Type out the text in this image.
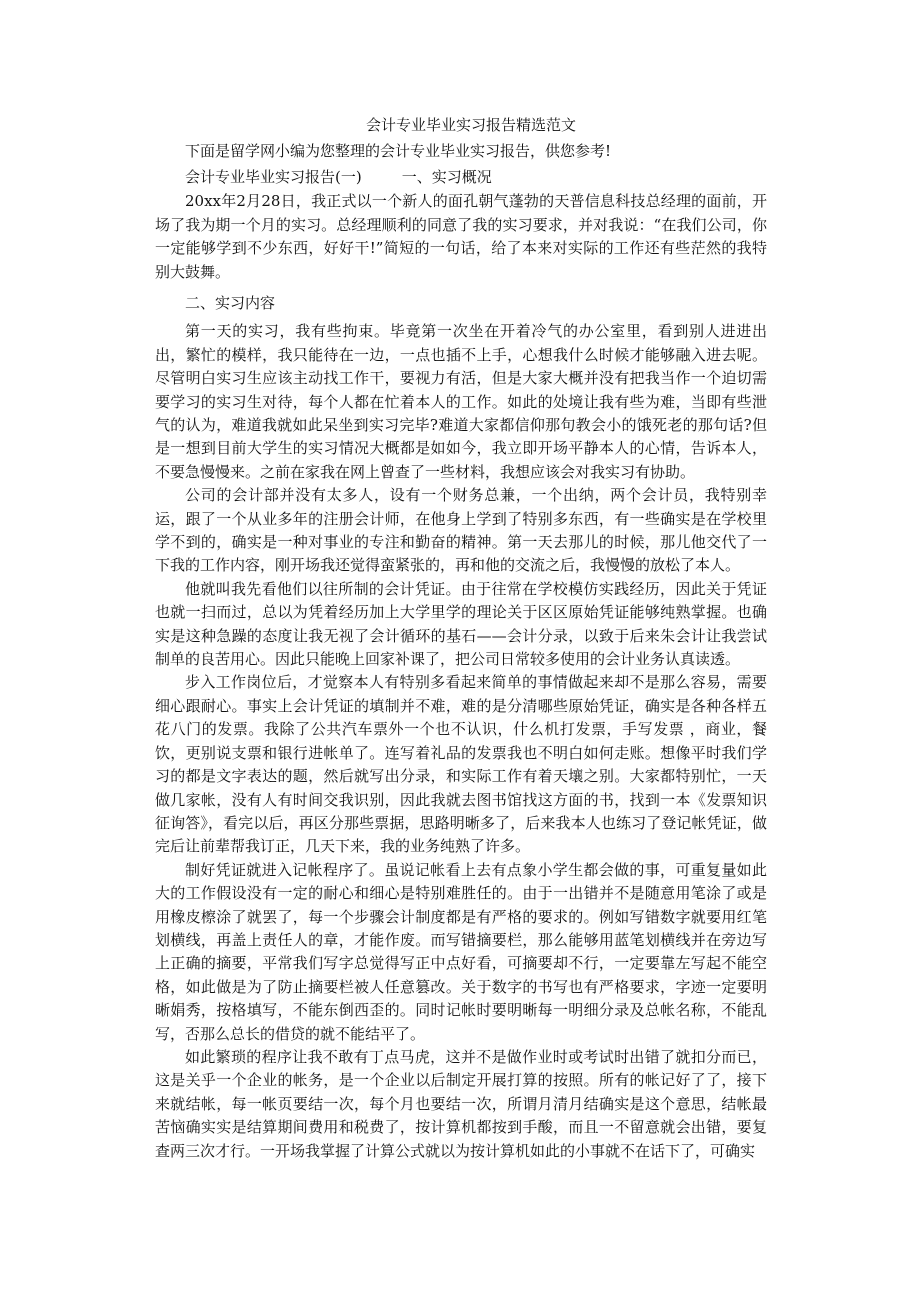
会计专业毕业实习报告精选范文

下面是留学网小编为您整理的会计专业毕业实习报告，供您参考!

会计专业毕业实习报告(一)	一、实习概况

20xx年2月28日，我正式以一个新人的面孔朝气蓬勃的天普信息科技总经理的面前，开场了我为期一个月的实习。总经理顺利的同意了我的实习要求，并对我说：“在我们公司，你一定能够学到不少东西，好好干!”简短的一句话，给了本来对实际的工作还有些茫然的我特别大鼓舞。

二、实习内容

第一天的实习，我有些拘束。毕竟第一次坐在开着冷气的办公室里，看到别人进进出出，繁忙的模样，我只能待在一边，一点也插不上手，心想我什么时候才能够融入进去呢。尽管明白实习生应该主动找工作干，要视力有活，但是大家大概并没有把我当作一个迫切需要学习的实习生对待，每个人都在忙着本人的工作。如此的处境让我有些为难，当即有些泄气的认为，难道我就如此呆坐到实习完毕?难道大家都信仰那句教会小的饿死老的那句话?但是一想到目前大学生的实习情况大概都是如如今，我立即开场平静本人的心情，告诉本人，不要急慢慢来。之前在家我在网上曾查了一些材料，我想应该会对我实习有协助。

公司的会计部并没有太多人，设有一个财务总兼，一个出纳，两个会计员，我特别幸运，跟了一个从业多年的注册会计师，在他身上学到了特别多东西，有一些确实是在学校里学不到的，确实是一种对事业的专注和勤奋的精神。第一天去那儿的时候，那儿他交代了一下我的工作内容，刚开场我还觉得蛮紧张的，再和他的交流之后，我慢慢的放松了本人。

他就叫我先看他们以往所制的会计凭证。由于往常在学校模仿实践经历，因此关于凭证也就一扫而过，总以为凭着经历加上大学里学的理论关于区区原始凭证能够纯熟掌握。也确实是这种急躁的态度让我无视了会计循环的基石——会计分录，以致于后来朱会计让我尝试制单的良苦用心。因此只能晚上回家补课了，把公司日常较多使用的会计业务认真读透。

步入工作岗位后，才觉察本人有特别多看起来简单的事情做起来却不是那么容易，需要细心跟耐心。事实上会计凭证的填制并不难，难的是分清哪些原始凭证，确实是各种各样五花八门的发票。我除了公共汽车票外一个也不认识，什么机打发票，手写发票 ，商业，餐饮，更别说支票和银行进帐单了。连写着礼品的发票我也不明白如何走账。想像平时我们学习的都是文字表达的题，然后就写出分录，和实际工作有着天壤之别。大家都特别忙，一天做几家帐，没有人有时间交我识别，因此我就去图书馆找这方面的书，找到一本《发票知识征询答》，看完以后，再区分那些票据，思路明晰多了，后来我本人也练习了登记帐凭证，做完后让前辈帮我订正，几天下来，我的业务纯熟了许多。

制好凭证就进入记帐程序了。虽说记帐看上去有点象小学生都会做的事，可重复量如此大的工作假设没有一定的耐心和细心是特别难胜任的。由于一出错并不是随意用笔涂了或是用橡皮檫涂了就罢了，每一个步骤会计制度都是有严格的要求的。例如写错数字就要用红笔划横线，再盖上责任人的章，才能作废。而写错摘要栏，那么能够用蓝笔划横线并在旁边写上正确的摘要，平常我们写字总觉得写正中点好看，可摘要却不行，一定要靠左写起不能空格，如此做是为了防止摘要栏被人任意篡改。关于数字的书写也有严格要求，字迹一定要明晰娟秀，按格填写，不能东倒西歪的。同时记帐时要明晰每一明细分录及总帐名称，不能乱写，否那么总长的借贷的就不能结平了。

如此繁琐的程序让我不敢有丁点马虎，这并不是做作业时或考试时出错了就扣分而已，这是关乎一个企业的帐务，是一个企业以后制定开展打算的按照。所有的帐记好了了，接下来就结帐，每一帐页要结一次，每个月也要结一次，所谓月清月结确实是这个意思，结帐最苦恼确实实是结算期间费用和税费了，按计算机都按到手酸，而且一不留意就会出错，要复查两三次才行。一开场我掌握了计算公式就以为按计算机如此的小事就不在话下了，可确实
